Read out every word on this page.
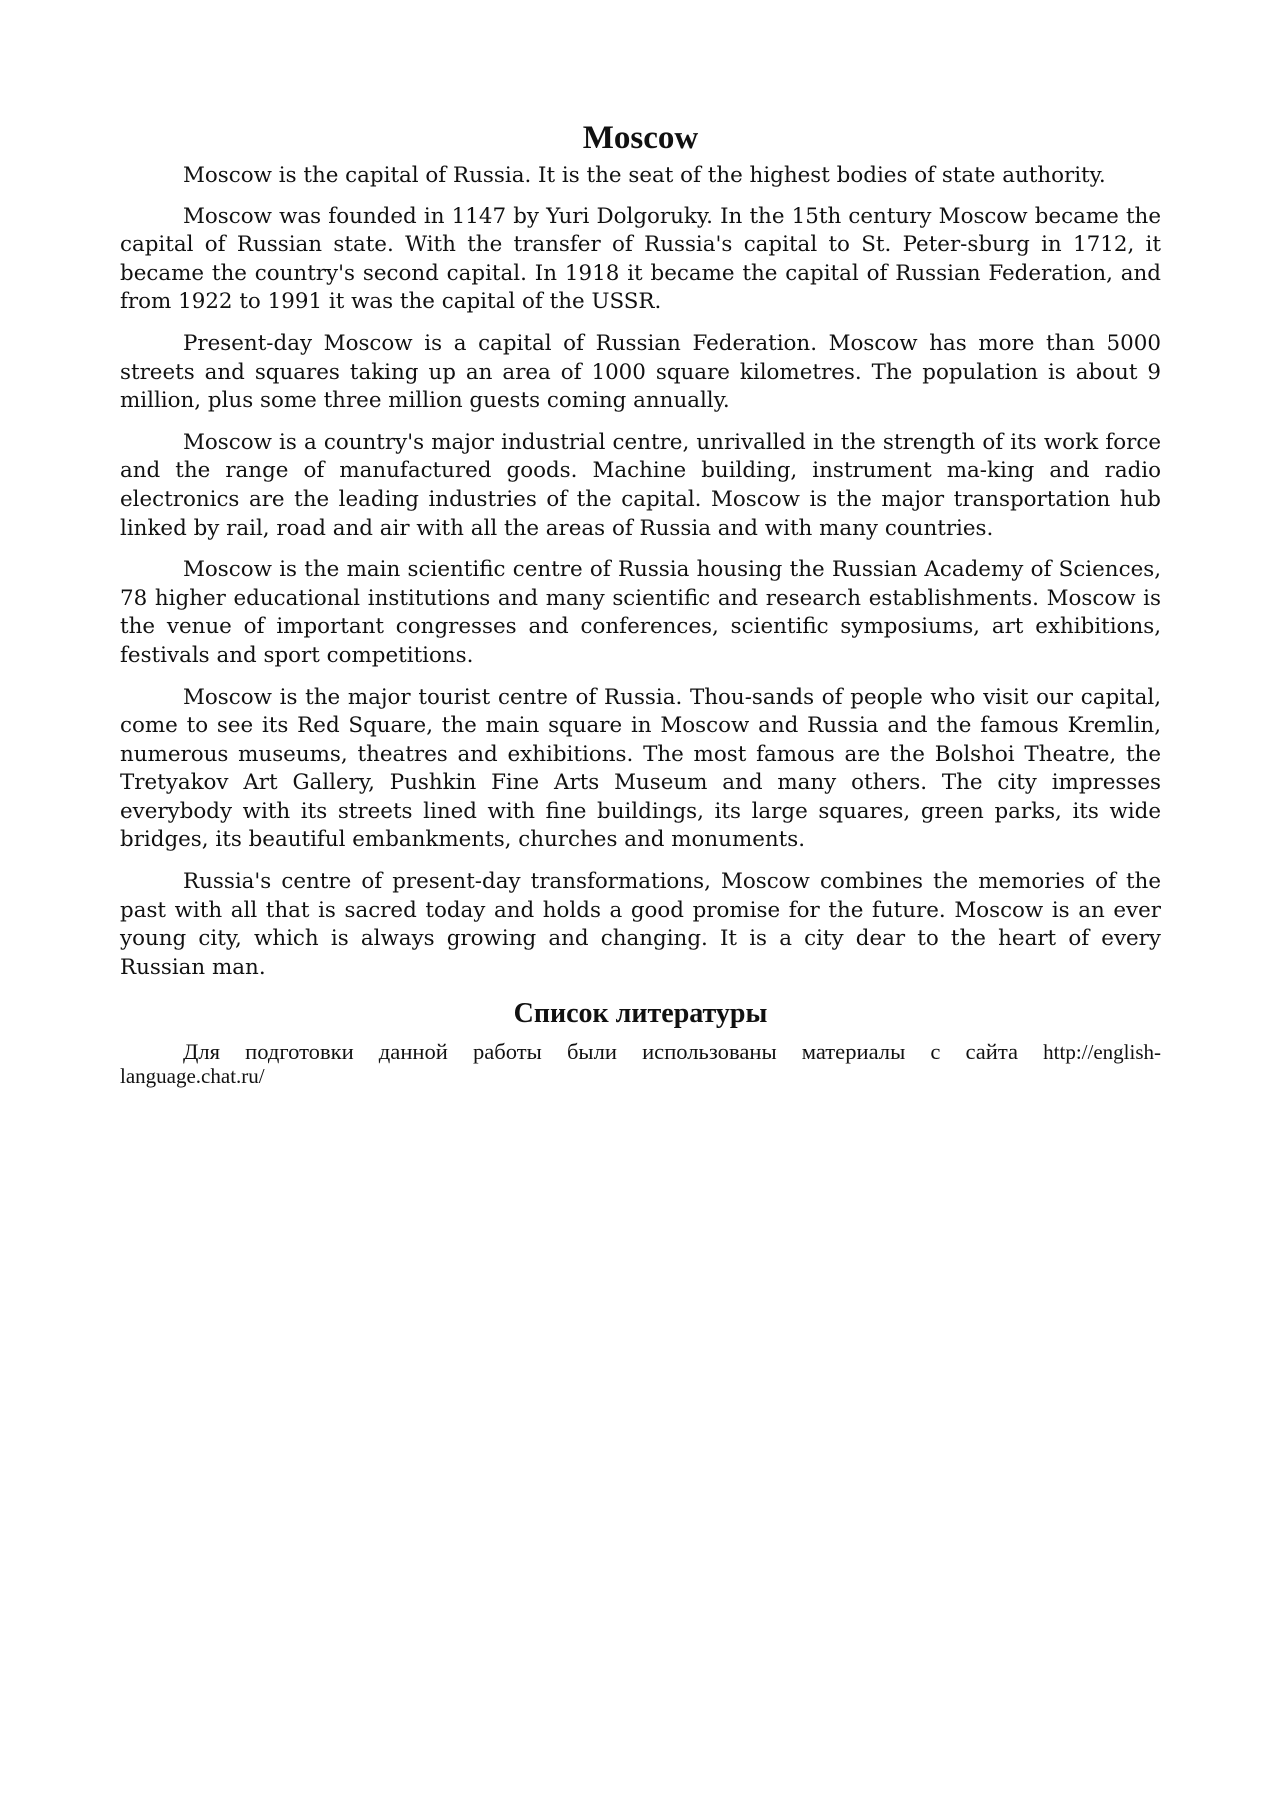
Moscow

Moscow is the capital of Russia. It is the seat of the highest bodies of state authority.

Moscow was founded in 1147 by Yuri Dolgoruky. In the 15th century Moscow became the capital of Russian state. With the transfer of Russia's capital to St. Peter-sburg in 1712, it became the country's second capital. In 1918 it became the capital of Russian Federation, and from 1922 to 1991 it was the capital of the USSR.

Present-day Moscow is a capital of Russian Federation. Moscow has more than 5000 streets and squares taking up an area of 1000 square kilometres. The population is about 9 million, plus some three million guests coming annually.

Moscow is a country's major industrial centre, unrivalled in the strength of its work force and the range of manufactured goods. Machine building, instrument ma-king and radio electronics are the leading industries of the capital. Moscow is the major transportation hub linked by rail, road and air with all the areas of Russia and with many countries.

Moscow is the main scientific centre of Russia housing the Russian Academy of Sciences, 78 higher educational institutions and many scientific and research establishments. Moscow is the venue of important congresses and conferences, scientific symposiums, art exhibitions, festivals and sport competitions.

Moscow is the major tourist centre of Russia. Thou-sands of people who visit our capital, come to see its Red Square, the main square in Moscow and Russia and the famous Kremlin, numerous museums, theatres and exhibitions. The most famous are the Bolshoi Theatre, the Tretyakov Art Gallery, Pushkin Fine Arts Museum and many others. The city impresses everybody with its streets lined with fine buildings, its large squares, green parks, its wide bridges, its beautiful embankments, churches and monuments.

Russia's centre of present-day transformations, Moscow combines the memories of the past with all that is sacred today and holds a good promise for the future. Moscow is an ever young city, which is always growing and changing. It is a city dear to the heart of every Russian man.

Список литературы

Для подготовки данной работы были использованы материалы с сайта http://english-language.chat.ru/
